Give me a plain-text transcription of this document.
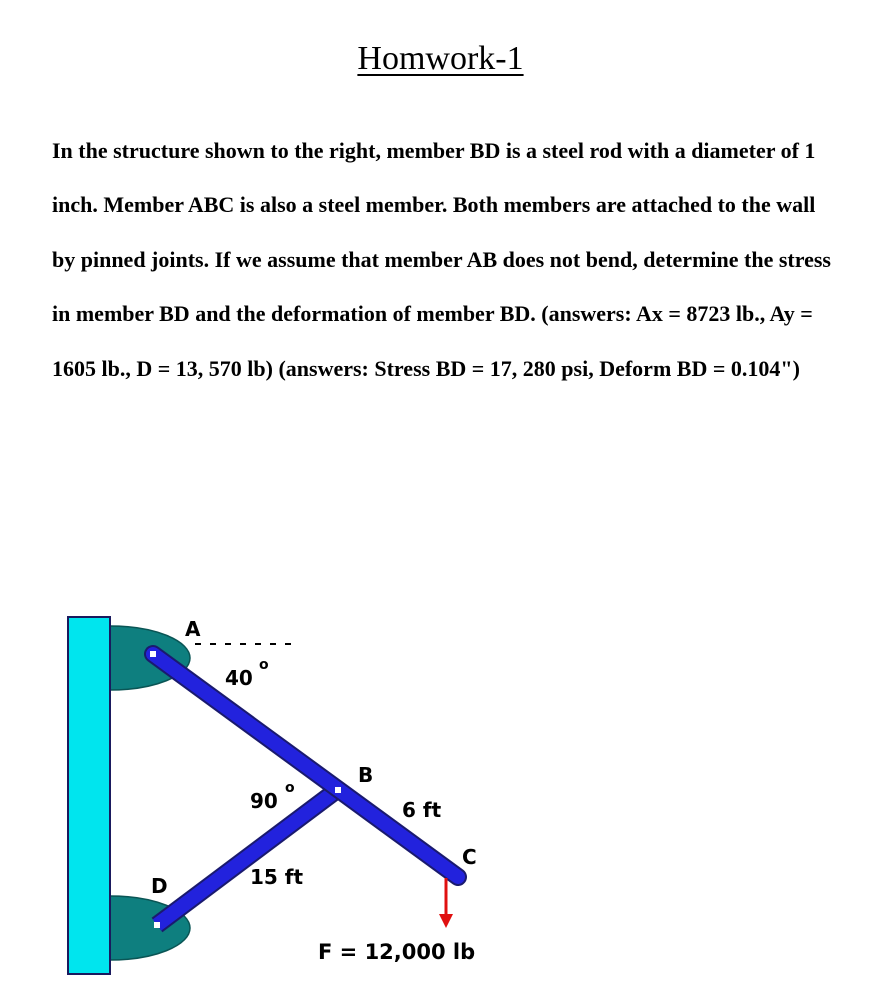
Homwork-1

In the structure shown to the right, member BD is a steel rod with a diameter of 1 inch. Member ABC is also a steel member. Both members are attached to the wall by pinned joints. If we assume that member AB does not bend, determine the stress in member BD and the deformation of member BD. (answers: Ax = 8723 lb., Ay = 1605 lb., D = 13, 570 lb) (answers: Stress BD = 17, 280 psi, Deform BD = 0.104")

A
B
C
D
40
o
90
o
6 ft
15 ft
F = 12,000 lb
